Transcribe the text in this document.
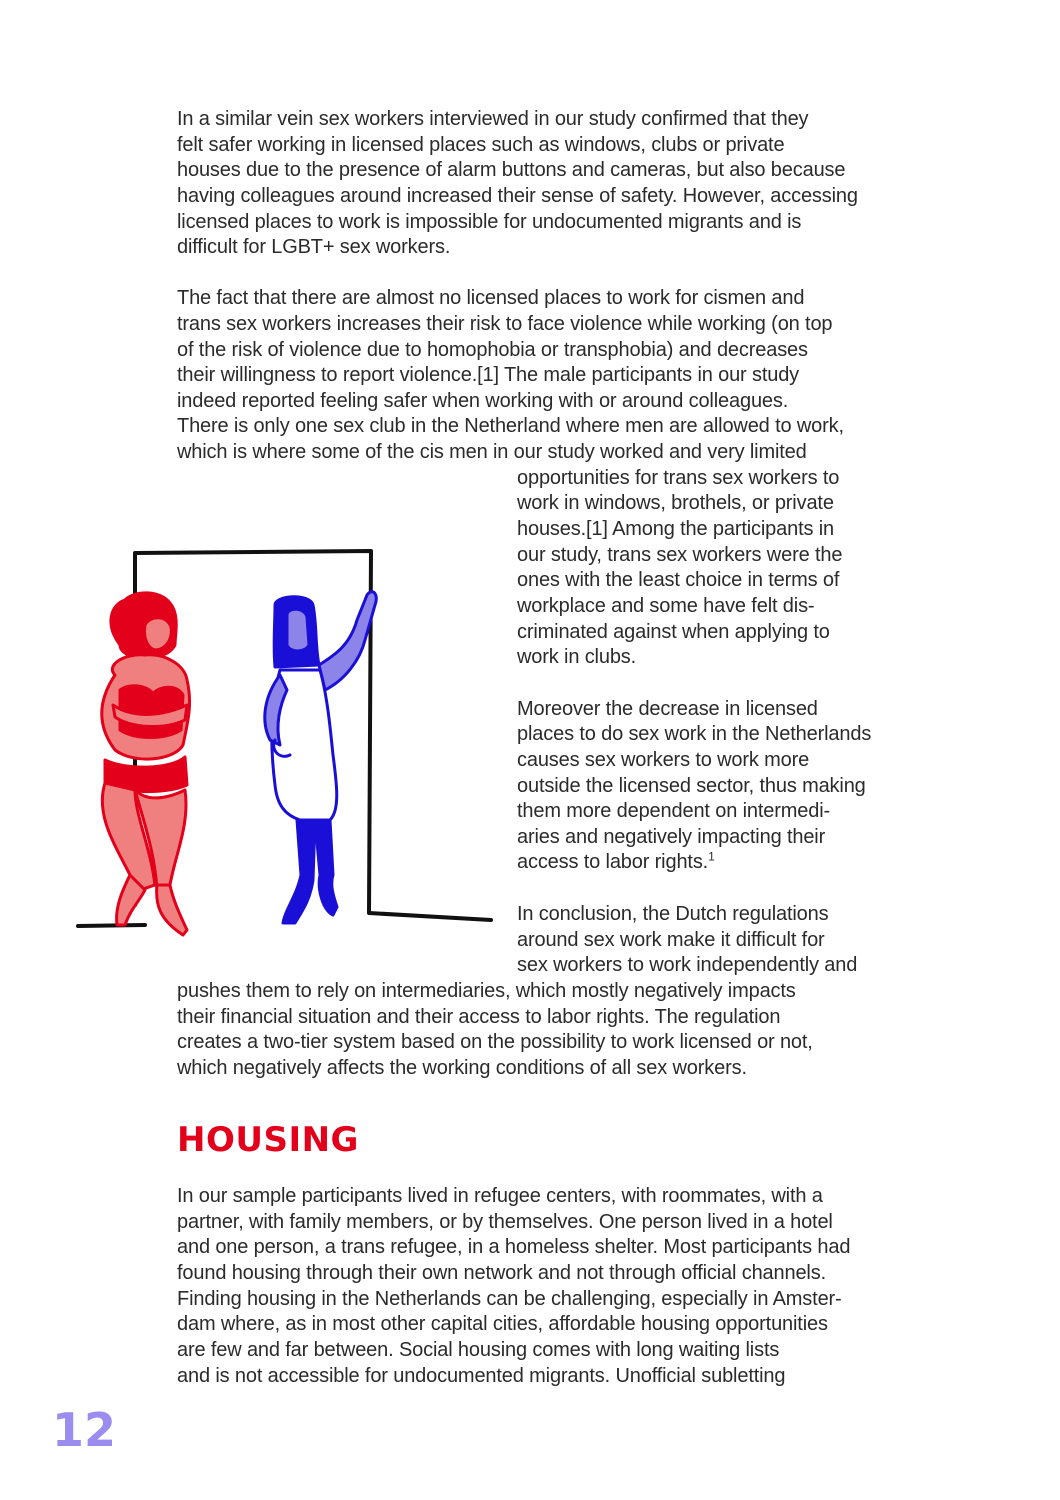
In a similar vein sex workers interviewed in our study confirmed that they
felt safer working in licensed places such as windows, clubs or private
houses due to the presence of alarm buttons and cameras, but also because
having colleagues around increased their sense of safety. However, accessing
licensed places to work is impossible for undocumented migrants and is
difficult for LGBT+ sex workers.
The fact that there are almost no licensed places to work for cismen and
trans sex workers increases their risk to face violence while working (on top
of the risk of violence due to homophobia or transphobia) and decreases
their willingness to report violence.[1] The male participants in our study
indeed reported feeling safer when working with or around colleagues.
There is only one sex club in the Netherland where men are allowed to work,
which is where some of the cis men in our study worked and very limited
opportunities for trans sex workers to
work in windows, brothels, or private
houses.[1] Among the participants in
our study, trans sex workers were the
ones with the least choice in terms of
workplace and some have felt dis-
criminated against when applying to
work in clubs.
Moreover the decrease in licensed
places to do sex work in the Netherlands
causes sex workers to work more
outside the licensed sector, thus making
them more dependent on intermedi-
aries and negatively impacting their
access to labor rights.$^1$
In conclusion, the Dutch regulations
around sex work make it difficult for
sex workers to work independently and
pushes them to rely on intermediaries, which mostly negatively impacts
their financial situation and their access to labor rights. The regulation
creates a two-tier system based on the possibility to work licensed or not,
which negatively affects the working conditions of all sex workers.
HOUSING
In our sample participants lived in refugee centers, with roommates, with a
partner, with family members, or by themselves. One person lived in a hotel
and one person, a trans refugee, in a homeless shelter. Most participants had
found housing through their own network and not through official channels.
Finding housing in the Netherlands can be challenging, especially in Amster-
dam where, as in most other capital cities, affordable housing opportunities
are few and far between. Social housing comes with long waiting lists
and is not accessible for undocumented migrants. Unofficial subletting
12
